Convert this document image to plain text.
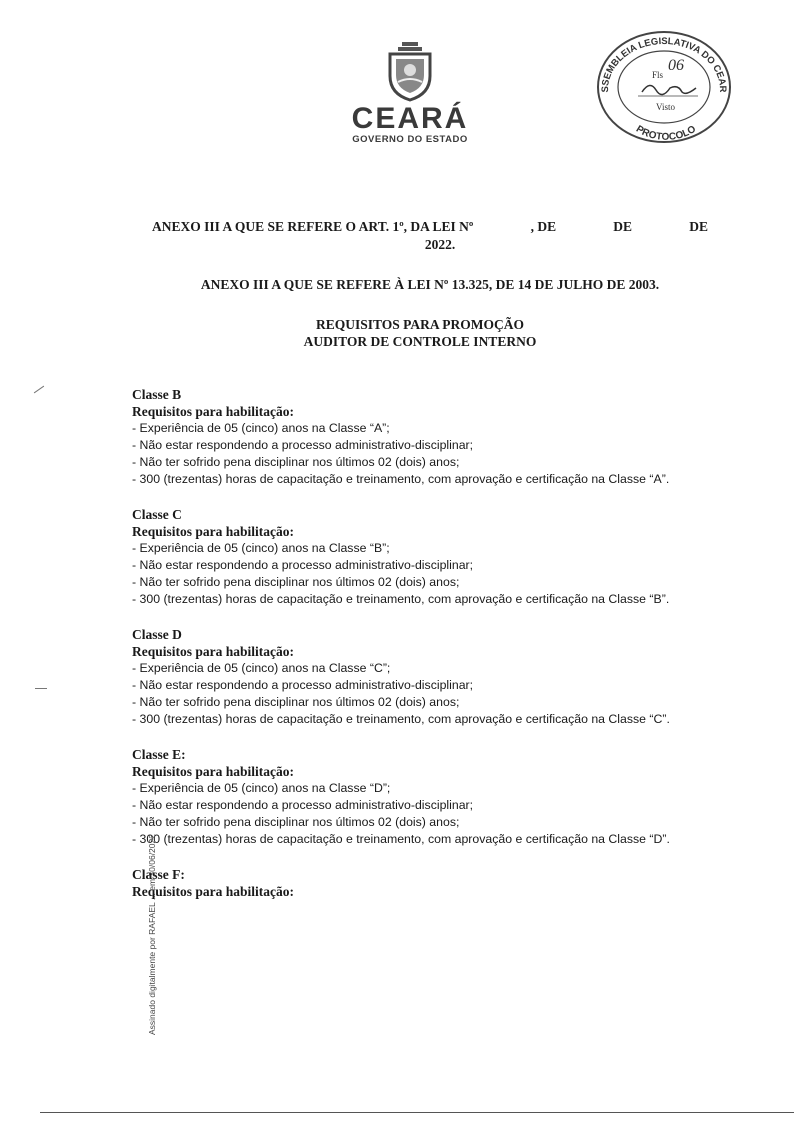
CEARÁ
GOVERNO DO ESTADO
SSEMBLEIA LEGISLATIVA DO CEAR
PROTOCOLO
Fls
06
Visto
ANEXO III A QUE SE REFERE O ART. 1º, DA LEI Nº	, DE	DE	DE
2022.
ANEXO III A QUE SE REFERE À LEI Nº 13.325, DE 14 DE JULHO DE 2003.
REQUISITOS PARA PROMOÇÃO
AUDITOR DE CONTROLE INTERNO
Classe B
Requisitos para habilitação:
- Experiência de 05 (cinco) anos na Classe “A”;
- Não estar respondendo a processo administrativo-disciplinar;
- Não ter sofrido pena disciplinar nos últimos 02 (dois) anos;
- 300 (trezentas) horas de capacitação e treinamento, com aprovação e certificação na Classe “A”.
Classe C
Requisitos para habilitação:
- Experiência de 05 (cinco) anos na Classe “B”;
- Não estar respondendo a processo administrativo-disciplinar;
- Não ter sofrido pena disciplinar nos últimos 02 (dois) anos;
- 300 (trezentas) horas de capacitação e treinamento, com aprovação e certificação na Classe “B”.
Classe D
Requisitos para habilitação:
- Experiência de 05 (cinco) anos na Classe “C”;
- Não estar respondendo a processo administrativo-disciplinar;
- Não ter sofrido pena disciplinar nos últimos 02 (dois) anos;
- 300 (trezentas) horas de capacitação e treinamento, com aprovação e certificação na Classe “C”.
Classe E:
Requisitos para habilitação:
- Experiência de 05 (cinco) anos na Classe “D”;
- Não estar respondendo a processo administrativo-disciplinar;
- Não ter sofrido pena disciplinar nos últimos 02 (dois) anos;
- 300 (trezentas) horas de capacitação e treinamento, com aprovação e certificação na Classe “D”.
Classe F:
Requisitos para habilitação:
Assinado digitalmente por RAFAEL ... em 30/06/2022
